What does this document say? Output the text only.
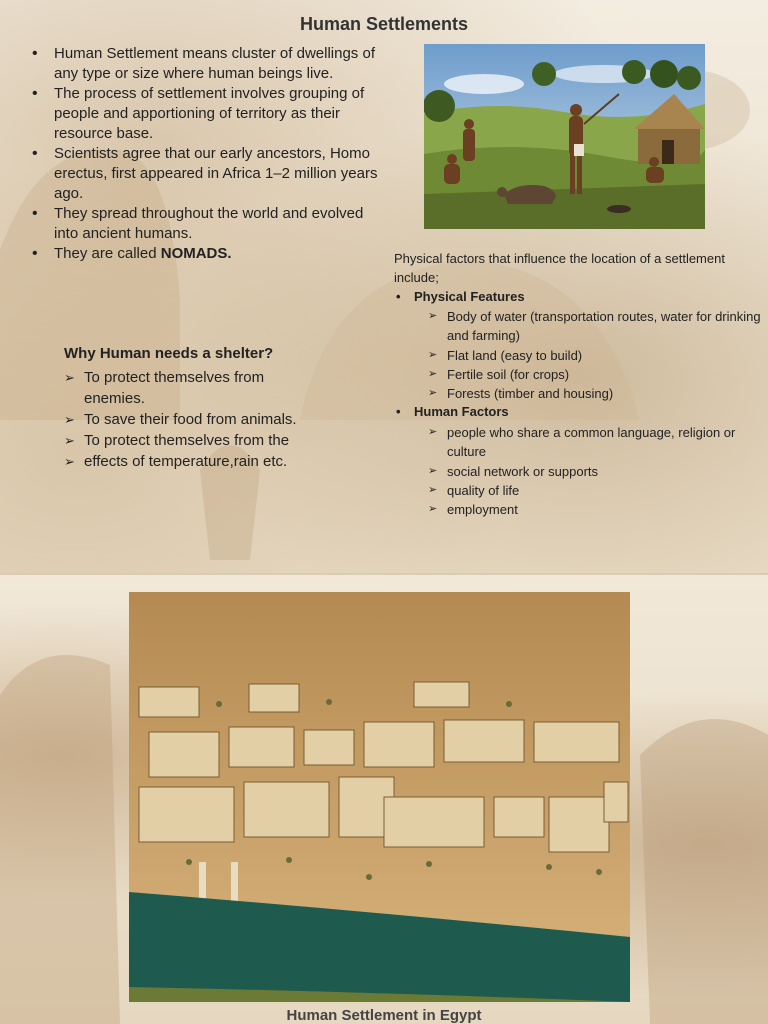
Human Settlements
• Human Settlement means cluster of dwellings of any type or size where human beings live.
• The process of settlement involves grouping of people and apportioning of territory as their resource base.
• Scientists agree that our early ancestors, Homo erectus, first appeared in Africa 1–2 million years ago.
• They spread throughout the world and evolved into ancient humans.
• They are called NOMADS.
Why Human needs a shelter?
➢ To protect themselves from
enemies.
➢ To save their food from animals.
➢ To protect themselves from the
➢ effects of temperature,rain etc.
Physical factors that influence the location of a settlement include;
• Physical Features
➢ Body of water (transportation routes, water for drinking and farming)
➢ Flat land (easy to build)
➢ Fertile soil (for crops)
➢ Forests (timber and housing)
• Human Factors
➢ people who share a common language, religion or culture
➢ social network or supports
➢ quality of life
➢ employment
Human Settlement in Egypt
